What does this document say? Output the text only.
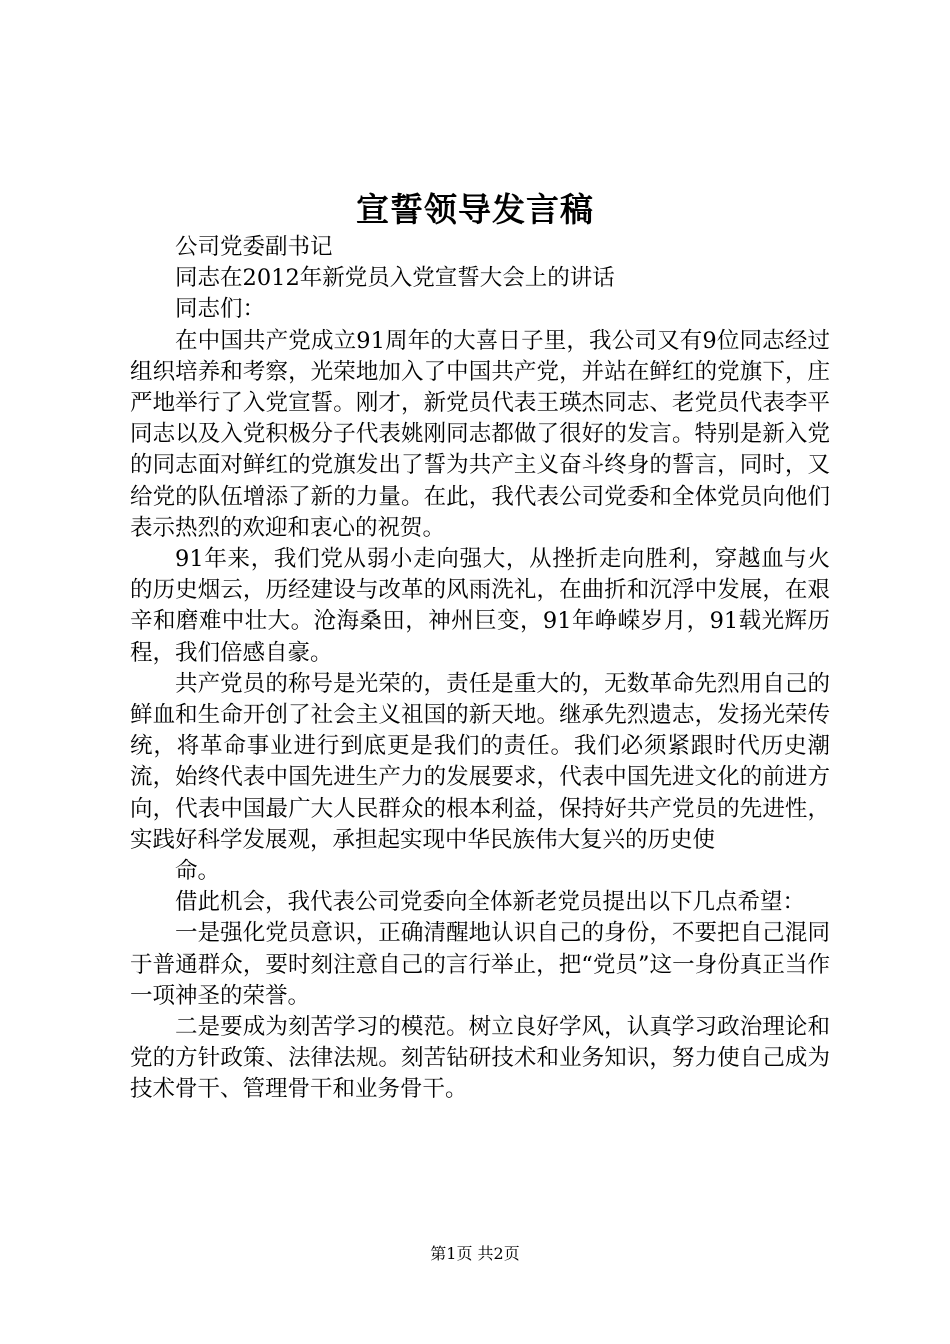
宣誓领导发言稿

公司党委副书记

同志在2012年新党员入党宣誓大会上的讲话

同志们：

在中国共产党成立91周年的大喜日子里，我公司又有9位同志经过组织培养和考察，光荣地加入了中国共产党，并站在鲜红的党旗下，庄严地举行了入党宣誓。刚才，新党员代表王瑛杰同志、老党员代表李平同志以及入党积极分子代表姚刚同志都做了很好的发言。特别是新入党的同志面对鲜红的党旗发出了誓为共产主义奋斗终身的誓言，同时，又给党的队伍增添了新的力量。在此，我代表公司党委和全体党员向他们表示热烈的欢迎和衷心的祝贺。

91年来，我们党从弱小走向强大，从挫折走向胜利，穿越血与火的历史烟云，历经建设与改革的风雨洗礼，在曲折和沉浮中发展，在艰辛和磨难中壮大。沧海桑田，神州巨变，91年峥嵘岁月，91载光辉历程，我们倍感自豪。

共产党员的称号是光荣的，责任是重大的，无数革命先烈用自己的鲜血和生命开创了社会主义祖国的新天地。继承先烈遗志，发扬光荣传统，将革命事业进行到底更是我们的责任。我们必须紧跟时代历史潮流，始终代表中国先进生产力的发展要求，代表中国先进文化的前进方向，代表中国最广大人民群众的根本利益，保持好共产党员的先进性，实践好科学发展观，承担起实现中华民族伟大复兴的历史使

命。

借此机会，我代表公司党委向全体新老党员提出以下几点希望：

一是强化党员意识，正确清醒地认识自己的身份，不要把自己混同于普通群众，要时刻注意自己的言行举止，把“党员”这一身份真正当作一项神圣的荣誉。

二是要成为刻苦学习的模范。树立良好学风，认真学习政治理论和党的方针政策、法律法规。刻苦钻研技术和业务知识，努力使自己成为技术骨干、管理骨干和业务骨干。

第1页 共2页
